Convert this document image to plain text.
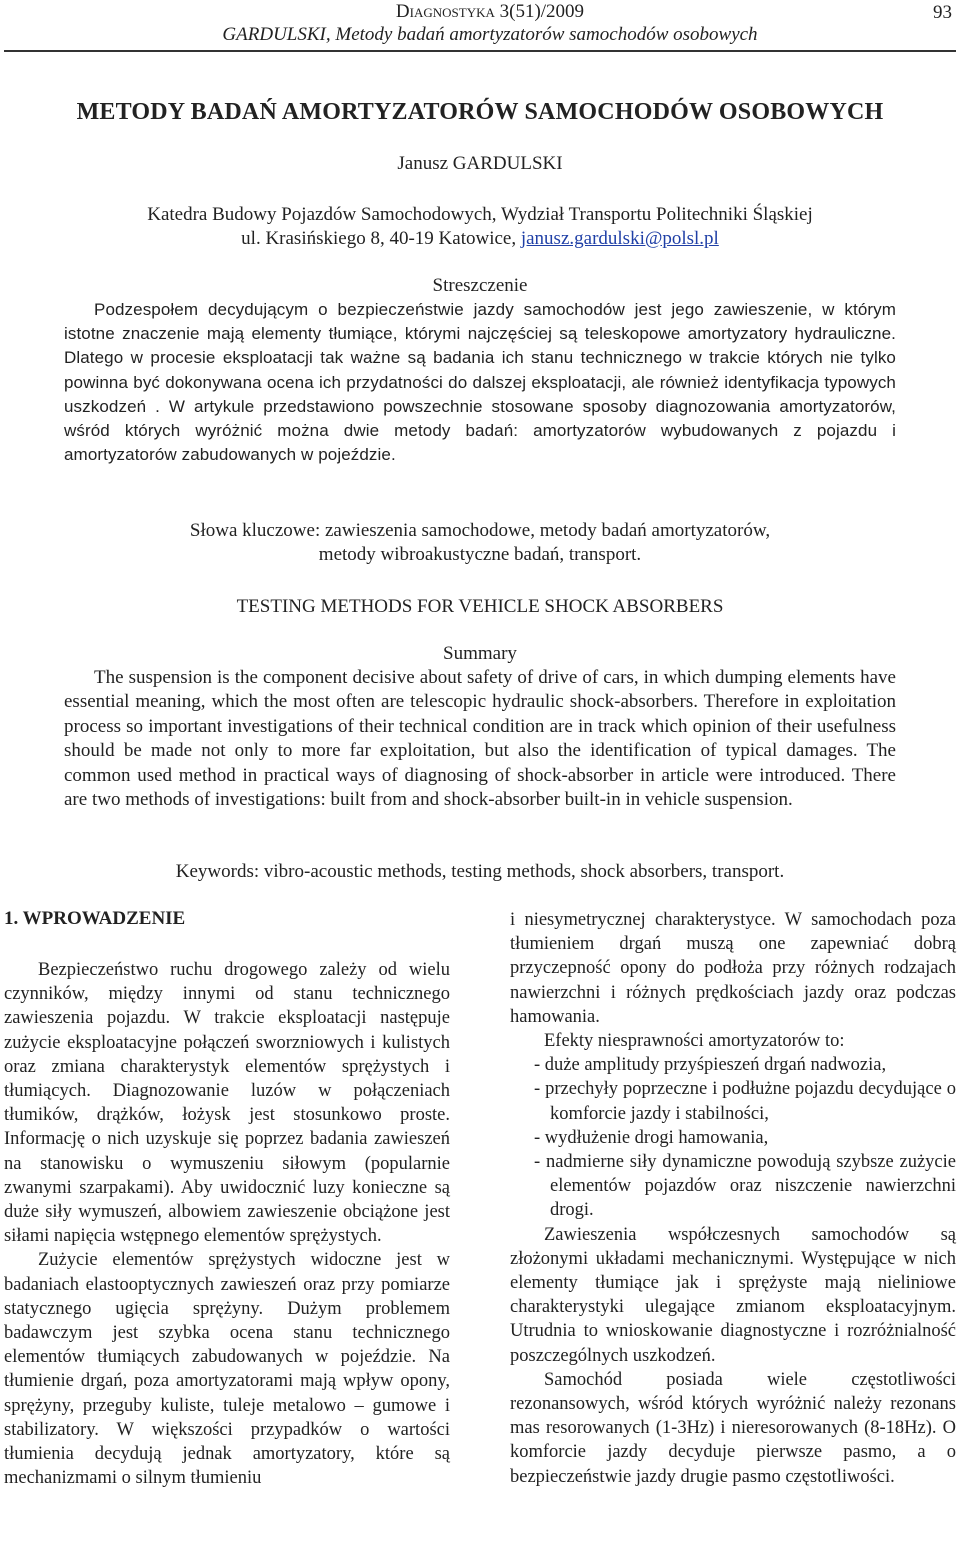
Diagnostyka 3(51)/2009
GARDULSKI, Metody badań amortyzatorów samochodów osobowych
93
METODY BADAŃ AMORTYZATORÓW SAMOCHODÓW OSOBOWYCH
Janusz GARDULSKI
Katedra Budowy Pojazdów Samochodowych, Wydział Transportu Politechniki Śląskiej
ul. Krasińskiego 8, 40-19 Katowice, janusz.gardulski@polsl.pl
Streszczenie
Podzespołem decydującym o bezpieczeństwie jazdy samochodów jest jego zawieszenie, w którym istotne znaczenie mają elementy tłumiące, którymi najczęściej są teleskopowe amortyzatory hydrauliczne. Dlatego w procesie eksploatacji tak ważne są badania ich stanu technicznego w trakcie których nie tylko powinna być dokonywana ocena ich przydatności do dalszej eksploatacji, ale również identyfikacja typowych uszkodzeń . W artykule przedstawiono powszechnie stosowane sposoby diagnozowania amortyzatorów, wśród których wyróżnić można dwie metody badań: amortyzatorów wybudowanych z pojazdu i amortyzatorów zabudowanych w pojeździe.
Słowa kluczowe: zawieszenia samochodowe, metody badań amortyzatorów,
metody wibroakustyczne badań, transport.
TESTING METHODS FOR VEHICLE SHOCK ABSORBERS
Summary
The suspension is the component decisive about safety of drive of cars, in which dumping elements have essential meaning, which the most often are telescopic hydraulic shock-absorbers. Therefore in exploitation process so important investigations of their technical condition are in track which opinion of their usefulness should be made not only to more far exploitation, but also the identification of typical damages. The common used method in practical ways of diagnosing of shock-absorber in article were introduced. There are two methods of investigations: built from and shock-absorber built-in in vehicle suspension.
Keywords: vibro-acoustic methods, testing methods, shock absorbers, transport.
1. WPROWADZENIE

Bezpieczeństwo ruchu drogowego zależy od wielu czynników, między innymi od stanu technicznego zawieszenia pojazdu. W trakcie eksploatacji następuje zużycie eksploatacyjne połączeń sworzniowych i kulistych oraz zmiana charakterystyk elementów sprężystych i tłumiących. Diagnozowanie luzów w połączeniach tłumików, drążków, łożysk jest stosunkowo proste. Informację o nich uzyskuje się poprzez badania zawieszeń na stanowisku o wymuszeniu siłowym (popularnie zwanymi szarpakami). Aby uwidocznić luzy konieczne są duże siły wymuszeń, albowiem zawieszenie obciążone jest siłami napięcia wstępnego elementów sprężystych.

Zużycie elementów sprężystych widoczne jest w badaniach elastooptycznych zawieszeń oraz przy pomiarze statycznego ugięcia sprężyny. Dużym problemem badawczym jest szybka ocena stanu technicznego elementów tłumiących zabudowanych w pojeździe. Na tłumienie drgań, poza amortyzatorami mają wpływ opony, sprężyny, przeguby kuliste, tuleje metalowo – gumowe i stabilizatory. W większości przypadków o wartości tłumienia decydują jednak amortyzatory, które są mechanizmami o silnym tłumieniu

i niesymetrycznej charakterystyce. W samochodach poza tłumieniem drgań muszą one zapewniać dobrą przyczepność opony do podłoża przy różnych rodzajach nawierzchni i różnych prędkościach jazdy oraz podczas hamowania.

Efekty niesprawności amortyzatorów to:

- duże amplitudy przyśpieszeń drgań nadwozia,

- przechyły poprzeczne i podłużne pojazdu decydujące o komforcie jazdy i stabilności,

- wydłużenie drogi hamowania,

- nadmierne siły dynamiczne powodują szybsze zużycie elementów pojazdów oraz niszczenie nawierzchni drogi.

Zawieszenia współczesnych samochodów są złożonymi układami mechanicznymi. Występujące w nich elementy tłumiące jak i sprężyste mają nieliniowe charakterystyki ulegające zmianom eksploatacyjnym. Utrudnia to wnioskowanie diagnostyczne i rozróżnialność poszczególnych uszkodzeń.

Samochód posiada wiele częstotliwości rezonansowych, wśród których wyróżnić należy rezonans mas resorowanych (1-3Hz) i nieresorowanych (8-18Hz). O komforcie jazdy decyduje pierwsze pasmo, a o bezpieczeństwie jazdy drugie pasmo częstotliwości.
